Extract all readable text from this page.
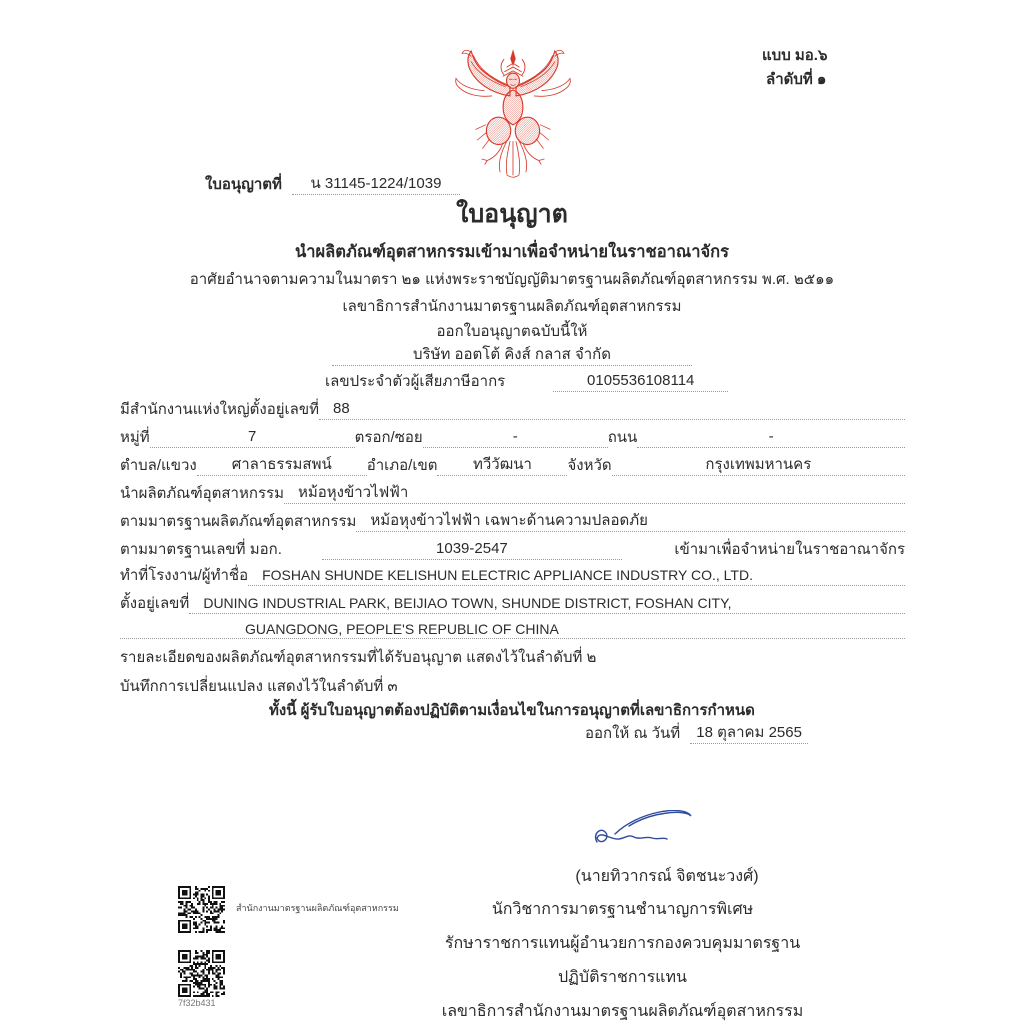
แบบ มอ.๖
ลำดับที่ ๑
ใบอนุญาตที่	น 31145-1224/1039
ใบอนุญาต
นำผลิตภัณฑ์อุตสาหกรรมเข้ามาเพื่อจำหน่ายในราชอาณาจักร
อาศัยอำนาจตามความในมาตรา ๒๑ แห่งพระราชบัญญัติมาตรฐานผลิตภัณฑ์อุตสาหกรรม พ.ศ. ๒๕๑๑
เลขาธิการสำนักงานมาตรฐานผลิตภัณฑ์อุตสาหกรรม
ออกใบอนุญาตฉบับนี้ให้
บริษัท ออตโต้ คิงส์ กลาส จำกัด
เลขประจำตัวผู้เสียภาษีอากร	0105536108114
มีสำนักงานแห่งใหญ่ตั้งอยู่เลขที่ 88
หมู่ที่	7	ตรอก/ซอย	-	ถนน	-
ตำบล/แขวง	ศาลาธรรมสพน์	อำเภอ/เขต	ทวีวัฒนา	จังหวัด	กรุงเทพมหานคร
นำผลิตภัณฑ์อุตสาหกรรม หม้อหุงข้าวไฟฟ้า
ตามมาตรฐานผลิตภัณฑ์อุตสาหกรรม หม้อหุงข้าวไฟฟ้า เฉพาะด้านความปลอดภัย
ตามมาตรฐานเลขที่ มอก.	1039-2547	เข้ามาเพื่อจำหน่ายในราชอาณาจักร
ทำที่โรงงาน/ผู้ทำชื่อ	FOSHAN SHUNDE KELISHUN ELECTRIC APPLIANCE INDUSTRY CO., LTD.
ตั้งอยู่เลขที่	DUNING INDUSTRIAL PARK, BEIJIAO TOWN, SHUNDE DISTRICT, FOSHAN CITY,
GUANGDONG, PEOPLE'S REPUBLIC OF CHINA
รายละเอียดของผลิตภัณฑ์อุตสาหกรรมที่ได้รับอนุญาต แสดงไว้ในลำดับที่ ๒
บันทึกการเปลี่ยนแปลง แสดงไว้ในลำดับที่ ๓
ทั้งนี้ ผู้รับใบอนุญาตต้องปฏิบัติตามเงื่อนไขในการอนุญาตที่เลขาธิการกำหนด
ออกให้ ณ วันที่	18 ตุลาคม 2565
(นายทิวากรณ์ จิตชนะวงศ์)
นักวิชาการมาตรฐานชำนาญการพิเศษ
รักษาราชการแทนผู้อำนวยการกองควบคุมมาตรฐาน
ปฏิบัติราชการแทน
เลขาธิการสำนักงานมาตรฐานผลิตภัณฑ์อุตสาหกรรม
สำนักงานมาตรฐานผลิตภัณฑ์อุตสาหกรรม
7f32b431
